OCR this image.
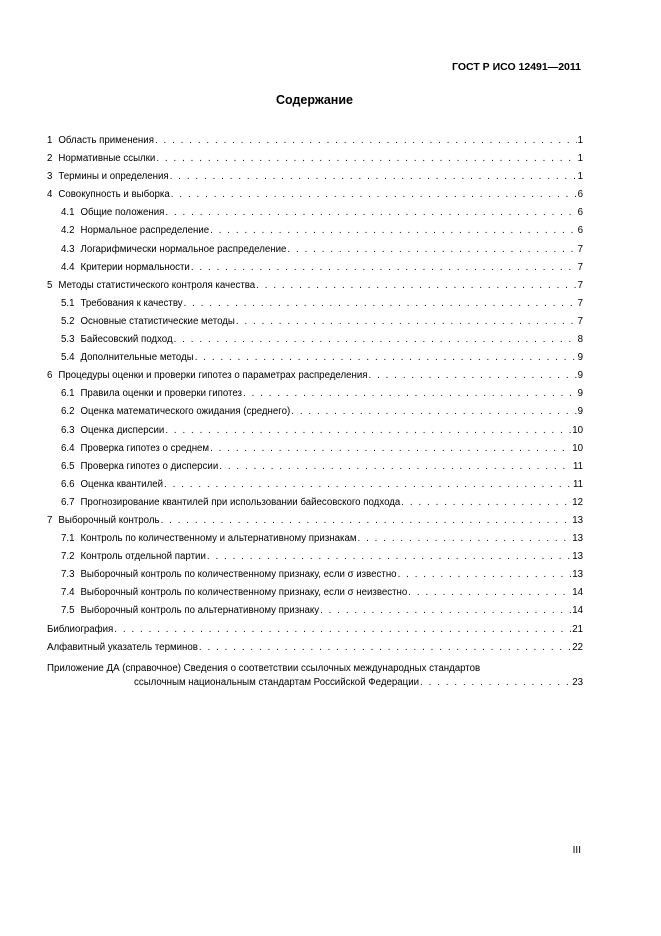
ГОСТ Р ИСО 12491—2011
Содержание
1 Область применения . . .	1
2 Нормативные ссылки . . .	1
3 Термины и определения . . .	1
4 Совокупность и выборка . . .	6
4.1 Общие положения . . .	6
4.2 Нормальное распределение . . .	6
4.3 Логарифмически нормальное распределение . . .	7
4.4 Критерии нормальности . . .	7
5 Методы статистического контроля качества . . .	7
5.1 Требования к качеству . . .	7
5.2 Основные статистические методы . . .	7
5.3 Байесовский подход . . .	8
5.4 Дополнительные методы . . .	9
6 Процедуры оценки и проверки гипотез о параметрах распределения . . .	9
6.1 Правила оценки и проверки гипотез . . .	9
6.2 Оценка математического ожидания (среднего) . . .	9
6.3 Оценка дисперсии . . .	10
6.4 Проверка гипотез о среднем . . .	10
6.5 Проверка гипотез о дисперсии . . .	11
6.6 Оценка квантилей . . .	11
6.7 Прогнозирование квантилей при использовании байесовского подхода . . .	12
7 Выборочный контроль . . .	13
7.1 Контроль по количественному и альтернативному признакам . . .	13
7.2 Контроль отдельной партии . . .	13
7.3 Выборочный контроль по количественному признаку, если σ известно . . .	13
7.4 Выборочный контроль по количественному признаку, если σ неизвестно . . .	14
7.5 Выборочный контроль по альтернативному признаку . . .	14
Библиография . . .	21
Алфавитный указатель терминов . . .	22
Приложение ДА (справочное) Сведения о соответствии ссылочных международных стандартов
ссылочным национальным стандартам Российской Федерации . . .	23
III
